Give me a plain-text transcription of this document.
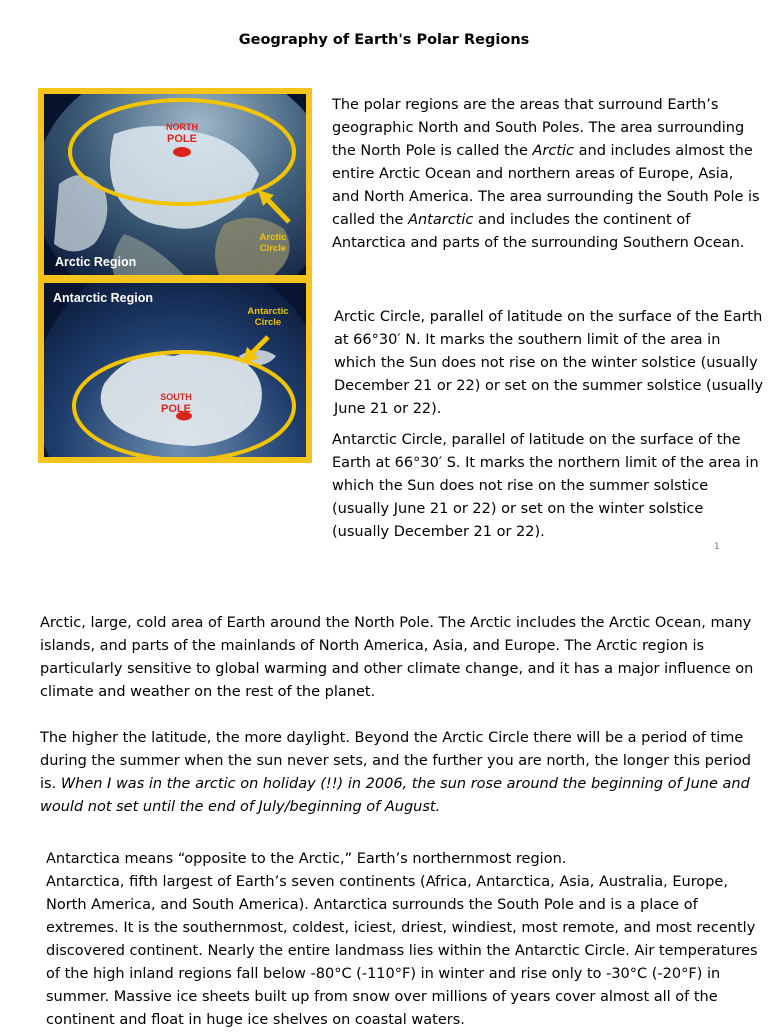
Geography of Earth's Polar Regions
NORTH
POLE
Arctic
Circle
Arctic Region
Antarctic Region
Antarctic
Circle
SOUTH
POLE

The polar regions are the areas that surround Earth’s geographic North and South Poles. The area surrounding the North Pole is called the Arctic and includes almost the entire Arctic Ocean and northern areas of Europe, Asia, and North America. The area surrounding the South Pole is called the Antarctic and includes the continent of Antarctica and parts of the surrounding Southern Ocean.

Arctic Circle, parallel of latitude on the surface of the Earth at 66°30′ N. It marks the southern limit of the area in which the Sun does not rise on the winter solstice (usually December 21 or 22) or set on the summer solstice (usually June 21 or 22).

Antarctic Circle, parallel of latitude on the surface of the Earth at 66°30′ S. It marks the northern limit of the area in which the Sun does not rise on the summer solstice (usually June 21 or 22) or set on the winter solstice (usually December 21 or 22).

1

Arctic, large, cold area of Earth around the North Pole. The Arctic includes the Arctic Ocean, many islands, and parts of the mainlands of North America, Asia, and Europe. The Arctic region is particularly sensitive to global warming and other climate change, and it has a major influence on climate and weather on the rest of the planet.

The higher the latitude, the more daylight. Beyond the Arctic Circle there will be a period of time during the summer when the sun never sets, and the further you are north, the longer this period is. When I was in the arctic on holiday (!!) in 2006, the sun rose around the beginning of June and would not set until the end of July/beginning of August.

Antarctica means “opposite to the Arctic,” Earth’s northernmost region.

Antarctica, fifth largest of Earth’s seven continents (Africa, Antarctica, Asia, Australia, Europe, North America, and South America). Antarctica surrounds the South Pole and is a place of extremes. It is the southernmost, coldest, iciest, driest, windiest, most remote, and most recently discovered continent. Nearly the entire landmass lies within the Antarctic Circle. Air temperatures of the high inland regions fall below -80°C (-110°F) in winter and rise only to -30°C (-20°F) in summer. Massive ice sheets built up from snow over millions of years cover almost all of the continent and float in huge ice shelves on coastal waters.
